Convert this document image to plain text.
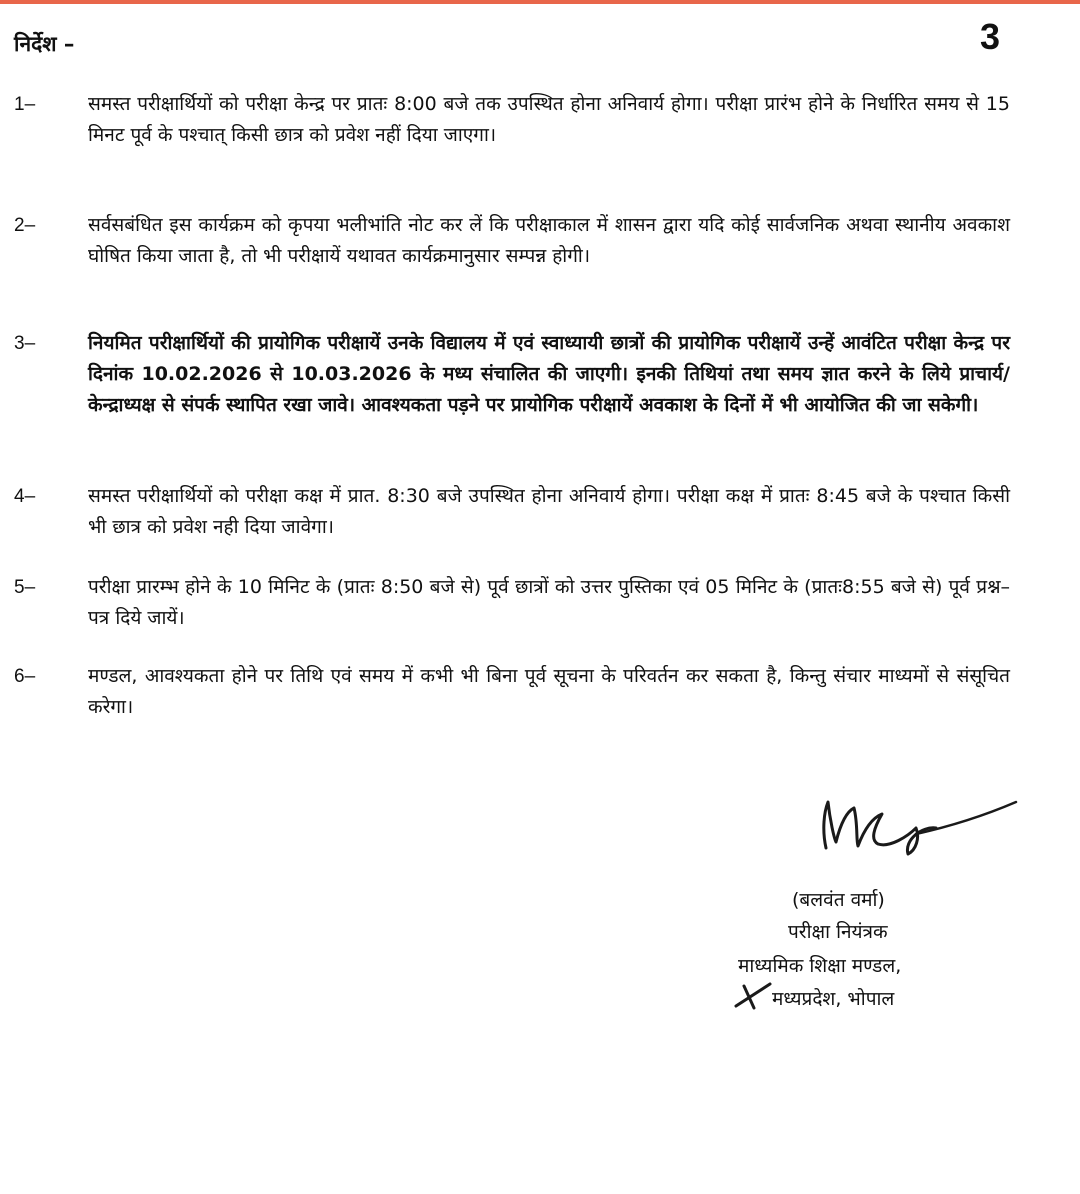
निर्देश –	3
1–	समस्त परीक्षार्थियों को परीक्षा केन्द्र पर प्रातः 8:00 बजे तक उपस्थित होना अनिवार्य होगा। परीक्षा प्रारंभ होने के निर्धारित समय से 15 मिनट पूर्व के पश्चात् किसी छात्र को प्रवेश नहीं दिया जाएगा।
2–	सर्वसबंधित इस कार्यक्रम को कृपया भलीभांति नोट कर लें कि परीक्षाकाल में शासन द्वारा यदि कोई सार्वजनिक अथवा स्थानीय अवकाश घोषित किया जाता है, तो भी परीक्षायें यथावत कार्यक्रमानुसार सम्पन्न होगी।
3–	नियमित परीक्षार्थियों की प्रायोगिक परीक्षायें उनके विद्यालय में एवं स्वाध्यायी छात्रों की प्रायोगिक परीक्षायें उन्हें आवंटित परीक्षा केन्द्र पर दिनांक 10.02.2026 से 10.03.2026 के मध्य संचालित की जाएगी। इनकी तिथियां तथा समय ज्ञात करने के लिये प्राचार्य/केन्द्राध्यक्ष से संपर्क स्थापित रखा जावे। आवश्यकता पड़ने पर प्रायोगिक परीक्षायें अवकाश के दिनों में भी आयोजित की जा सकेगी।
4–	समस्त परीक्षार्थियों को परीक्षा कक्ष में प्रात. 8:30 बजे उपस्थित होना अनिवार्य होगा। परीक्षा कक्ष में प्रातः 8:45 बजे के पश्चात किसी भी छात्र को प्रवेश नही दिया जावेगा।
5–	परीक्षा प्रारम्भ होने के 10 मिनिट के (प्रातः 8:50 बजे से) पूर्व छात्रों को उत्तर पुस्तिका एवं 05 मिनिट के (प्रातः8:55 बजे से) पूर्व प्रश्न–पत्र दिये जायें।
6–	मण्डल, आवश्यकता होने पर तिथि एवं समय में कभी भी बिना पूर्व सूचना के परिवर्तन कर सकता है, किन्तु संचार माध्यमों से संसूचित करेगा।
(बलवंत वर्मा)
परीक्षा नियंत्रक
माध्यमिक शिक्षा मण्डल,
मध्यप्रदेश, भोपाल
